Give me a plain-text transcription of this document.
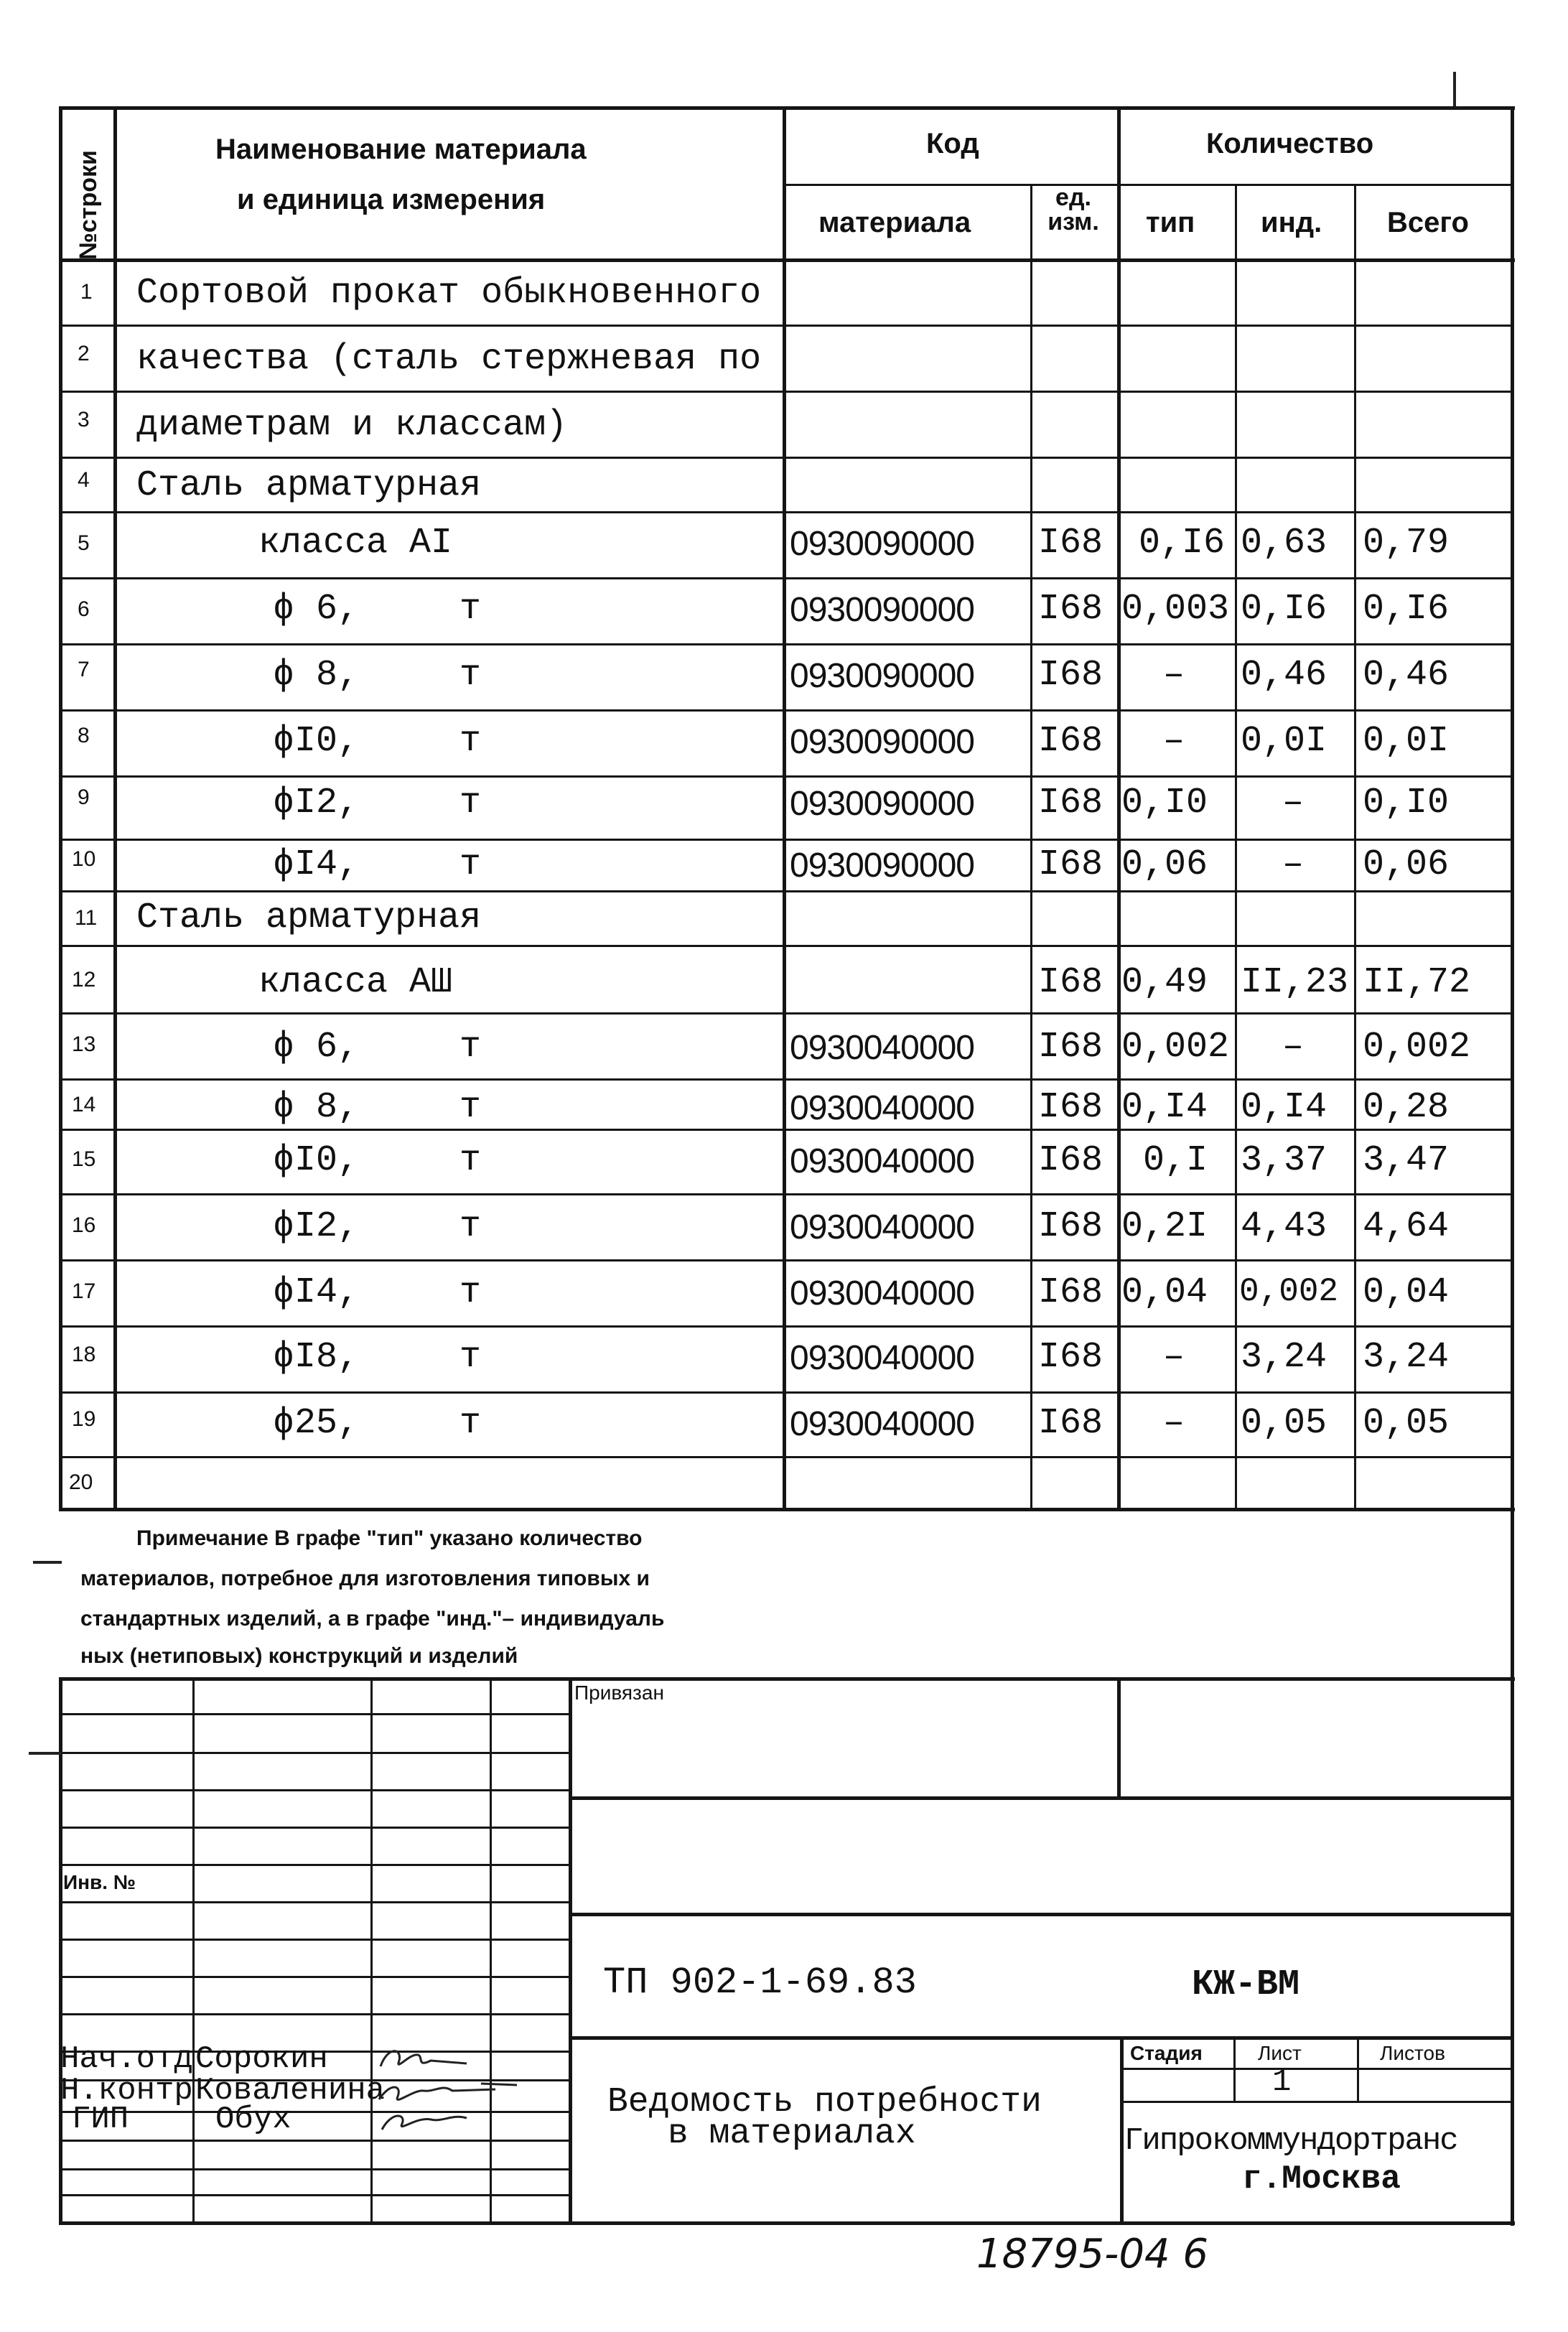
№строки
Наименование материала
и единица измерения
Код	Количество
материала
ед. изм.	тип инд. Всего
1 Сортовой прокат обыкновенного
2 качества (сталь стержневая по
3 диаметрам и классам)
4 Сталь арматурная
5	класса АI	0930090000 I68 0,I6 0,63 0,79
6	ϕ 6,	т	0930090000 I68 0,003 0,I6 0,I6
7	ϕ 8,	т	0930090000 I68 – 0,46 0,46
8	ϕI0,	т	0930090000 I68 – 0,0I 0,0I
9	ϕI2,	т	0930090000 I68 0,I0 – 0,I0
10	ϕI4,	т	0930090000 I68 0,06 – 0,06
11 Сталь арматурная
12	класса АШ	I68 0,49 II,23 II,72
13	ϕ 6,	т	0930040000 I68 0,002 – 0,002
14	ϕ 8,	т	0930040000 I68 0,I4 0,I4 0,28
15	ϕI0,	т	0930040000 I68 0,I 3,37 3,47
16	ϕI2,	т	0930040000 I68 0,2I 4,43 4,64
17	ϕI4,	т	0930040000 I68 0,04 0,002 0,04
18	ϕI8,	т	0930040000 I68 – 3,24 3,24
19	ϕ25,	т	0930040000 I68 – 0,05 0,05
20
Примечание В графе "тип" указано количество
материалов, потребное для изготовления типовых и
стандартных изделий, а в графе "инд."– индивидуаль
ных (нетиповых) конструкций и изделий
Привязан
Инв. №
ТП 902-1-69.83	КЖ-ВМ
Нач.отд Сорокин
Н.контр Коваленина
ГИП	Обух	Ведомость потребности
в материалах
Стадия	Лист	Листов
1
Гипрокоммундортранс
г.Москва
18795-04 6
